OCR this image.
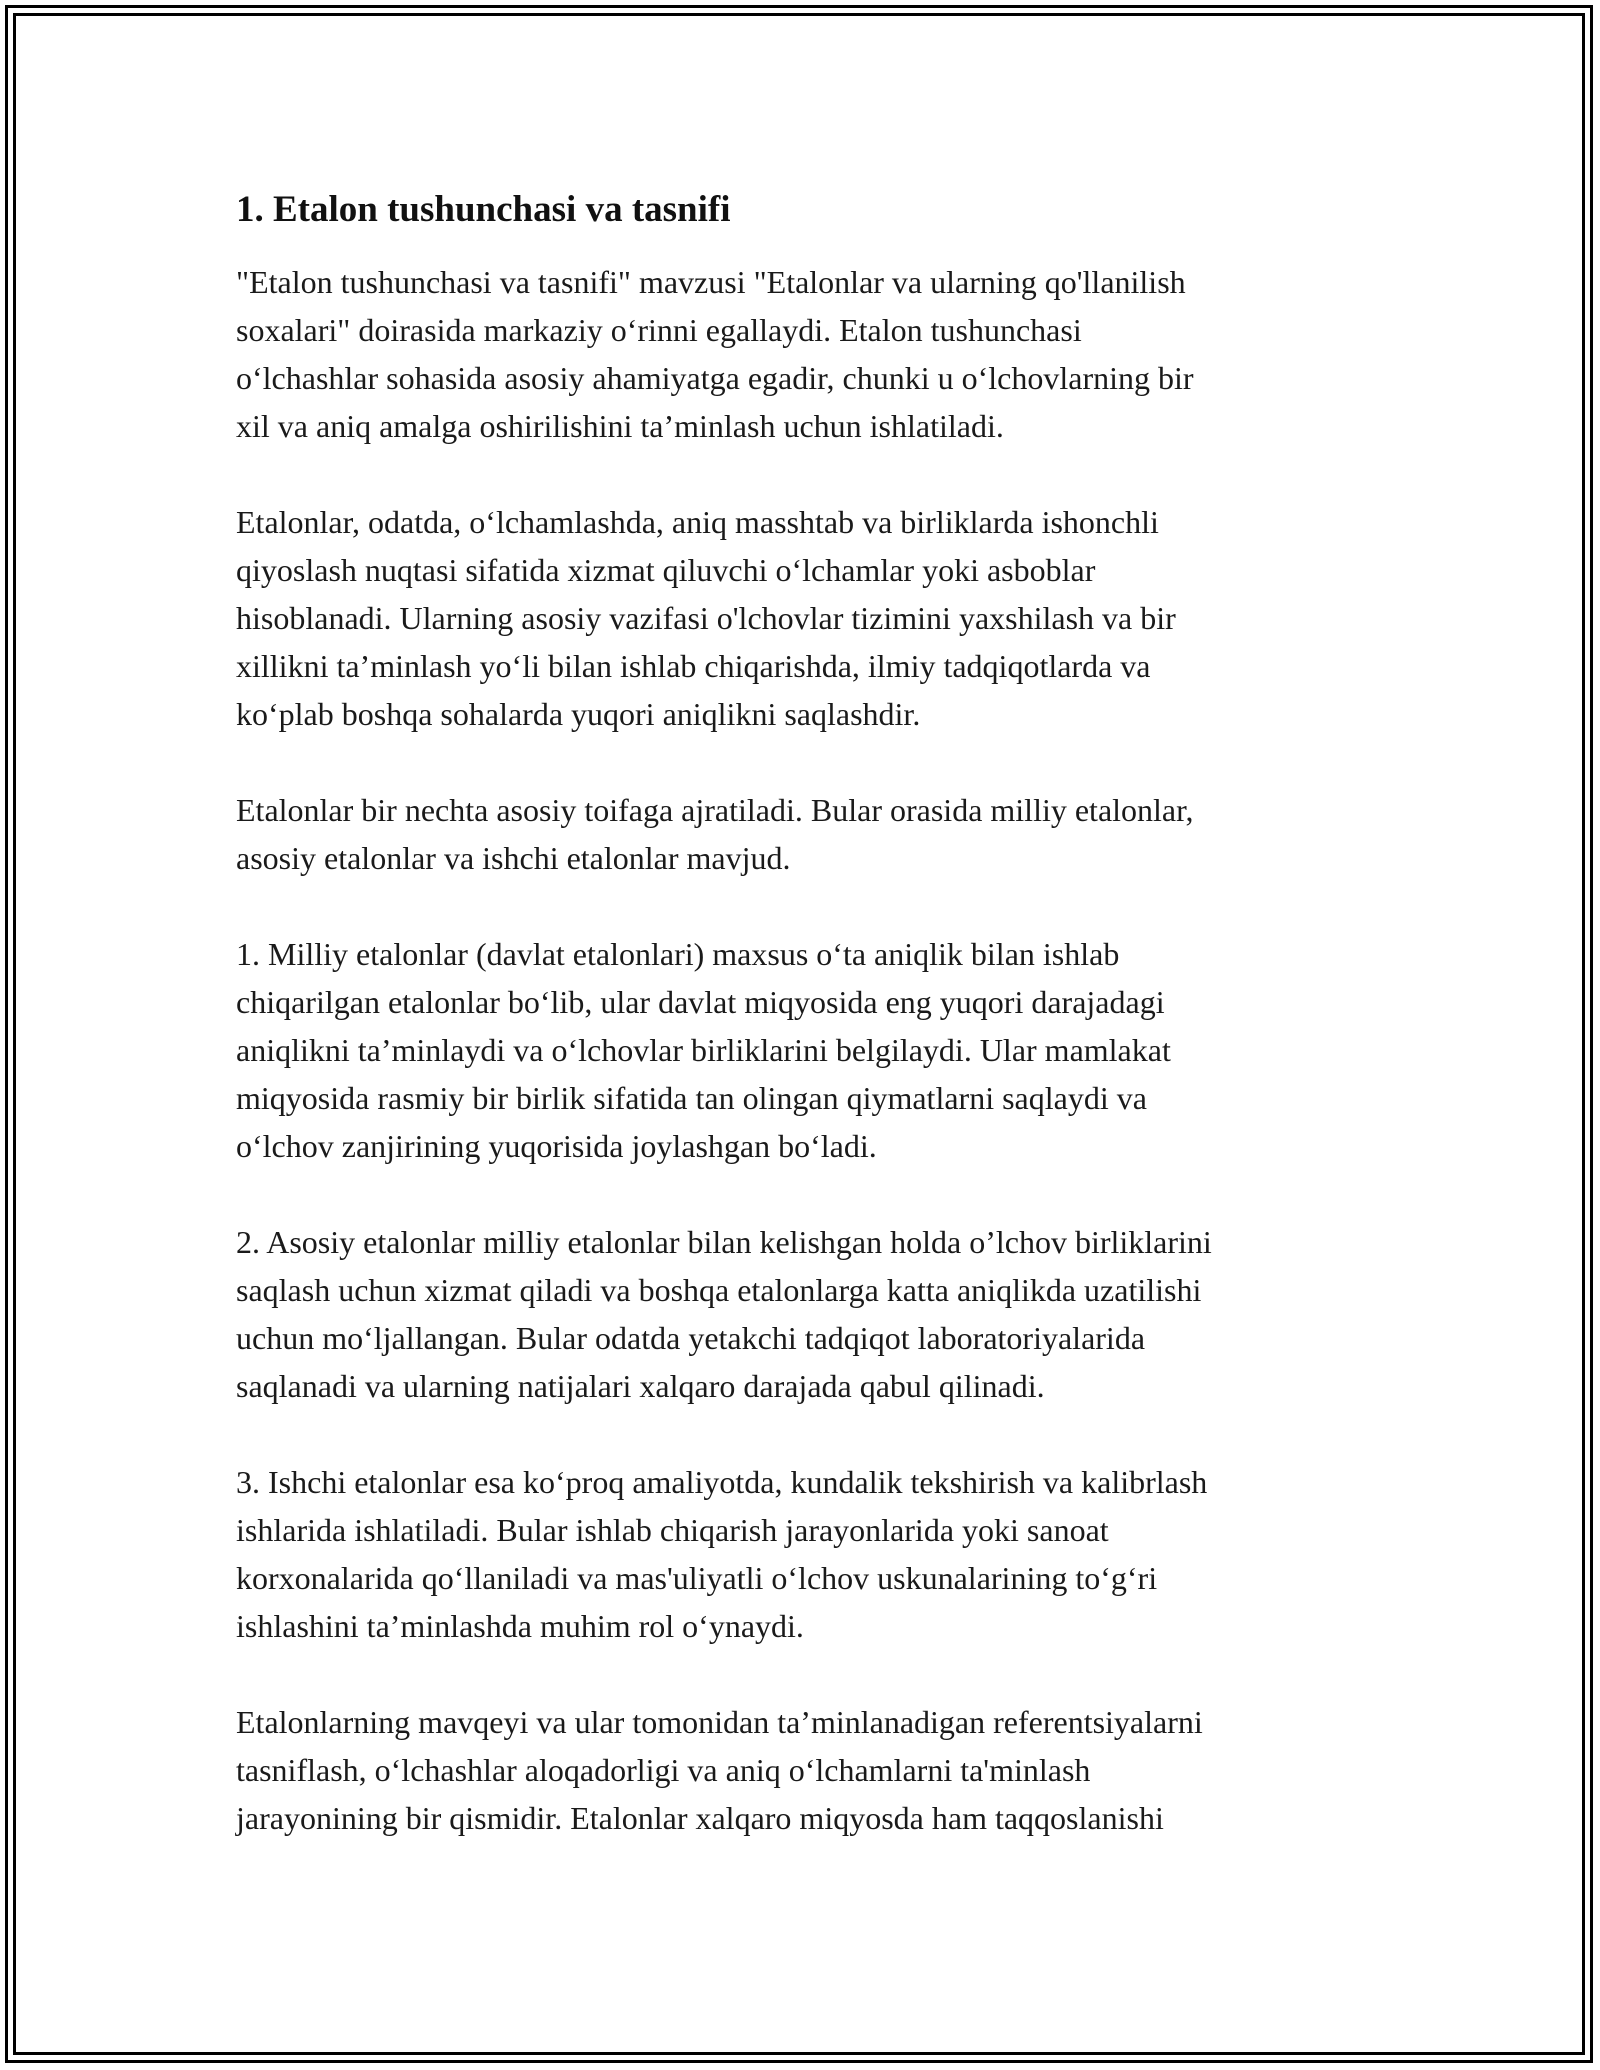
1. Etalon tushunchasi va tasnifi

"Etalon tushunchasi va tasnifi" mavzusi "Etalonlar va ularning qo'llanilish
soxalari" doirasida markaziy oʻrinni egallaydi. Etalon tushunchasi
oʻlchashlar sohasida asosiy ahamiyatga egadir, chunki u oʻlchovlarning bir
xil va aniq amalga oshirilishini taʼminlash uchun ishlatiladi.

Etalonlar, odatda, oʻlchamlashda, aniq masshtab va birliklarda ishonchli
qiyoslash nuqtasi sifatida xizmat qiluvchi oʻlchamlar yoki asboblar
hisoblanadi. Ularning asosiy vazifasi o'lchovlar tizimini yaxshilash va bir
xillikni taʼminlash yoʻli bilan ishlab chiqarishda, ilmiy tadqiqotlarda va
koʻplab boshqa sohalarda yuqori aniqlikni saqlashdir.

Etalonlar bir nechta asosiy toifaga ajratiladi. Bular orasida milliy etalonlar,
asosiy etalonlar va ishchi etalonlar mavjud.

1. Milliy etalonlar (davlat etalonlari) maxsus oʻta aniqlik bilan ishlab
chiqarilgan etalonlar boʻlib, ular davlat miqyosida eng yuqori darajadagi
aniqlikni taʼminlaydi va oʻlchovlar birliklarini belgilaydi. Ular mamlakat
miqyosida rasmiy bir birlik sifatida tan olingan qiymatlarni saqlaydi va
oʻlchov zanjirining yuqorisida joylashgan boʻladi.

2. Asosiy etalonlar milliy etalonlar bilan kelishgan holda o’lchov birliklarini
saqlash uchun xizmat qiladi va boshqa etalonlarga katta aniqlikda uzatilishi
uchun moʻljallangan. Bular odatda yetakchi tadqiqot laboratoriyalarida
saqlanadi va ularning natijalari xalqaro darajada qabul qilinadi.

3. Ishchi etalonlar esa koʻproq amaliyotda, kundalik tekshirish va kalibrlash
ishlarida ishlatiladi. Bular ishlab chiqarish jarayonlarida yoki sanoat
korxonalarida qoʻllaniladi va mas'uliyatli oʻlchov uskunalarining toʻgʻri
ishlashini taʼminlashda muhim rol oʻynaydi.

Etalonlarning mavqeyi va ular tomonidan taʼminlanadigan referentsiyalarni
tasniflash, oʻlchashlar aloqadorligi va aniq oʻlchamlarni ta'minlash
jarayonining bir qismidir. Etalonlar xalqaro miqyosda ham taqqoslanishi
